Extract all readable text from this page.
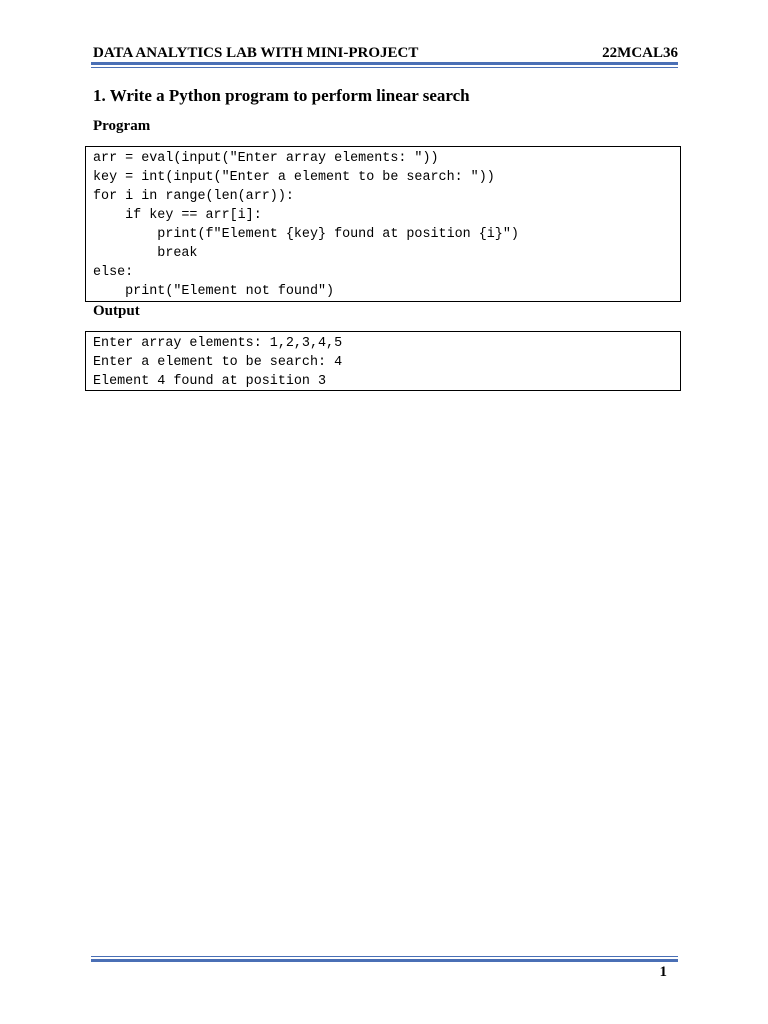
DATA ANALYTICS LAB WITH MINI-PROJECT	22MCAL36
1. Write a Python program to perform linear search
Program
arr = eval(input("Enter array elements: "))
key = int(input("Enter a element to be search: "))
for i in range(len(arr)):
if key == arr[i]:
print(f"Element {key} found at position {i}")
break
else:
print("Element not found")
Output
Enter array elements: 1,2,3,4,5
Enter a element to be search: 4
Element 4 found at position 3
1
